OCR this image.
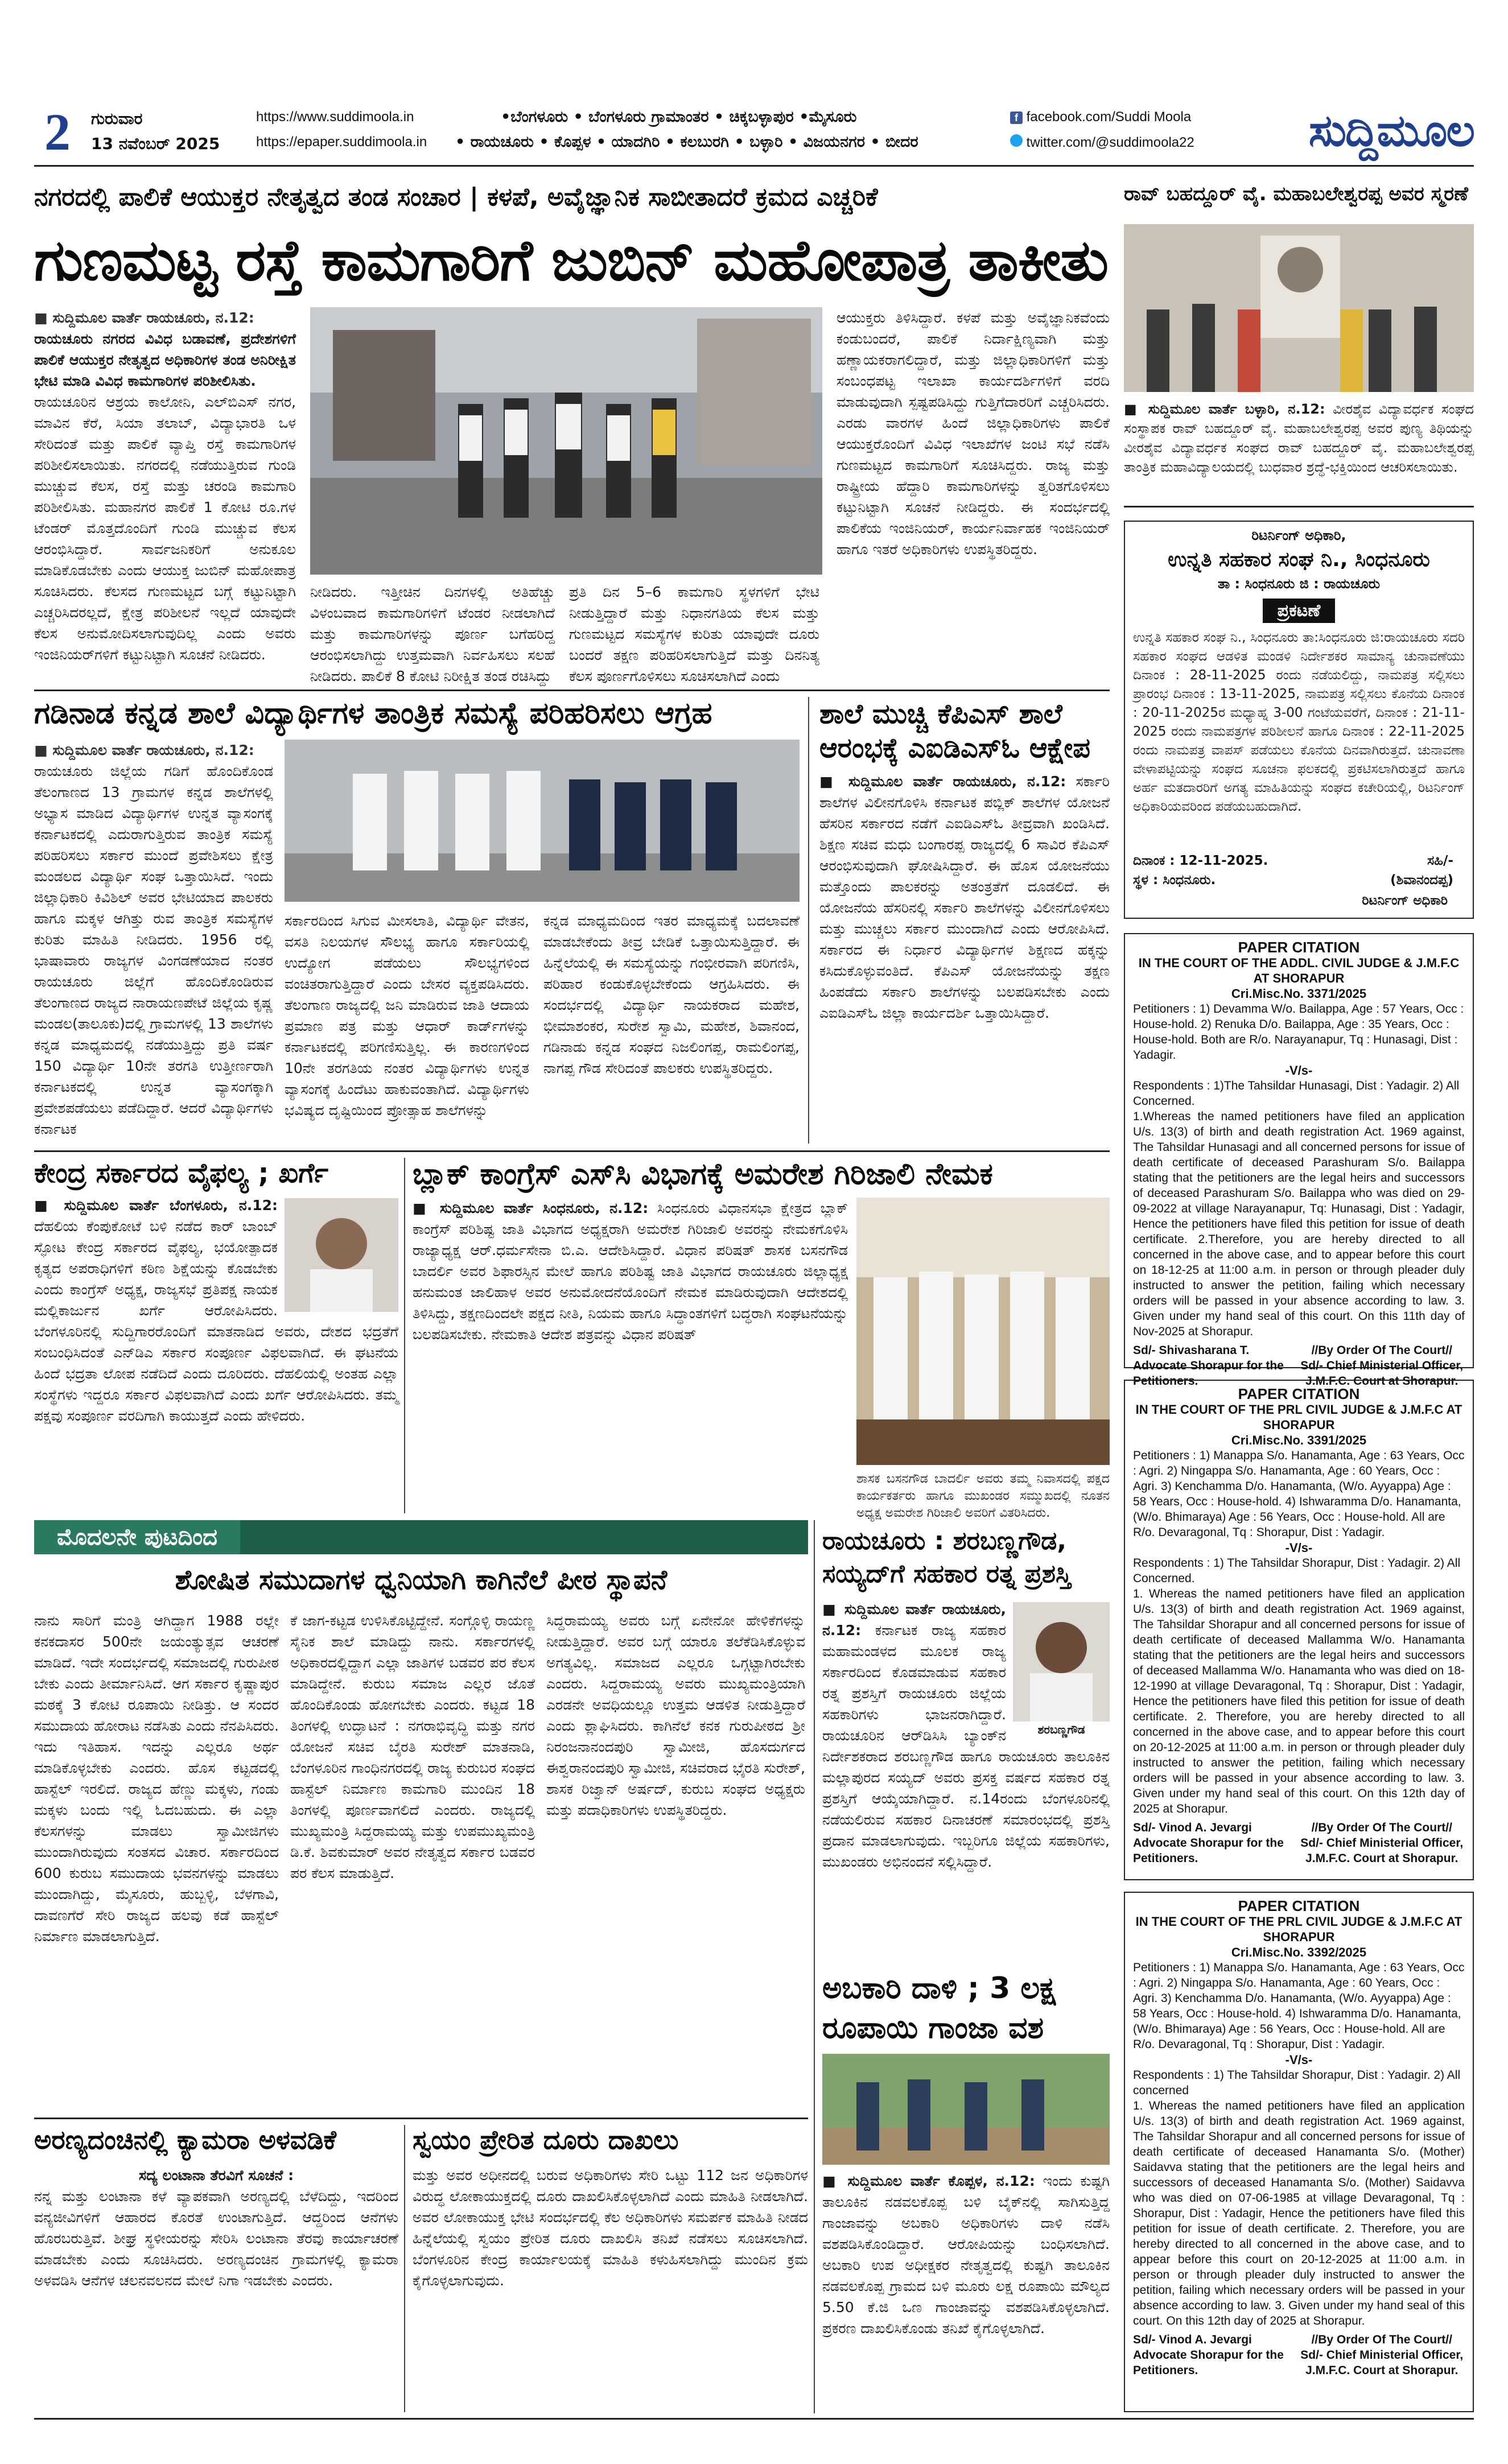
2 ಗುರುವಾರ
13 ನವೆಂಬರ್ 2025
https://www.suddimoola.in
https://epaper.suddimoola.in
•ಬೆಂಗಳೂರು • ಬೆಂಗಳೂರು ಗ್ರಾಮಾಂತರ • ಚಿಕ್ಕಬಳ್ಳಾಪುರ •ಮೈಸೂರು
• ರಾಯಚೂರು • ಕೊಪ್ಪಳ • ಯಾದಗಿರಿ • ಕಲಬುರಗಿ • ಬಳ್ಳಾರಿ • ವಿಜಯನಗರ • ಬೀದರ
f facebook.com/Suddi Moola
twitter.com/@suddimoola22	ಸುದ್ದಿಮೂಲ
ನಗರದಲ್ಲಿ ಪಾಲಿಕೆ ಆಯುಕ್ತರ ನೇತೃತ್ವದ ತಂಡ ಸಂಚಾರ | ಕಳಪೆ, ಅವೈಜ್ಞಾನಿಕ ಸಾಬೀತಾದರೆ ಕ್ರಮದ ಎಚ್ಚರಿಕೆ
ಗುಣಮಟ್ಟ ರಸ್ತೆ ಕಾಮಗಾರಿಗೆ ಜುಬಿನ್ ಮಹೋಪಾತ್ರ ತಾಕೀತು
■ ಸುದ್ದಿಮೂಲ ವಾರ್ತೆ ರಾಯಚೂರು, ನ.12:
ರಾಯಚೂರು ನಗರದ ವಿವಿಧ ಬಡಾವಣೆ, ಪ್ರದೇಶಗಳಿಗೆ ಪಾಲಿಕೆ ಆಯುಕ್ತರ ನೇತೃತ್ವದ ಅಧಿಕಾರಿಗಳ ತಂಡ ಅನಿರೀಕ್ಷಿತ ಭೇಟಿ ಮಾಡಿ ವಿವಿಧ ಕಾಮಗಾರಿಗಳ ಪರಿಶೀಲಿಸಿತು.
ರಾಯಚೂರಿನ ಆಶ್ರಯ ಕಾಲೋನಿ, ಎಲ್‌ಬಿಎಸ್ ನಗರ, ಮಾವಿನ ಕೆರೆ, ಸಿಯಾ ತಲಾಬ್, ವಿದ್ಯಾಭಾರತಿ ಒಳ ಸೇರಿದಂತೆ ಮತ್ತು ಪಾಲಿಕೆ ವ್ಯಾಪ್ತಿ ರಸ್ತೆ ಕಾಮಗಾರಿಗಳ ಪರಿಶೀಲಿಸಲಾಯಿತು. ನಗರದಲ್ಲಿ ನಡೆಯುತ್ತಿರುವ ಗುಂಡಿ ಮುಚ್ಚುವ ಕೆಲಸ, ರಸ್ತೆ ಮತ್ತು ಚರಂಡಿ ಕಾಮಗಾರಿ ಪರಿಶೀಲಿಸಿತು. ಮಹಾನಗರ ಪಾಲಿಕೆ 1 ಕೋಟಿ ರೂ.ಗಳ ಟೆಂಡರ್ ಮೊತ್ತದೊಂದಿಗೆ ಗುಂಡಿ ಮುಚ್ಚುವ ಕೆಲಸ ಆರಂಭಿಸಿದ್ದಾರೆ. ಸಾರ್ವಜನಿಕರಿಗೆ ಅನುಕೂಲ ಮಾಡಿಕೊಡಬೇಕು ಎಂದು ಆಯುಕ್ತ ಜುಬಿನ್ ಮಹೋಪಾತ್ರ ಸೂಚಿಸಿದರು. ಕೆಲಸದ ಗುಣಮಟ್ಟದ ಬಗ್ಗೆ ಕಟ್ಟುನಿಟ್ಟಾಗಿ ಎಚ್ಚರಿಸಿದರಲ್ಲದೆ, ಕ್ಷೇತ್ರ ಪರಿಶೀಲನೆ ಇಲ್ಲದೆ ಯಾವುದೇ ಕೆಲಸ ಅನುಮೋದಿಸಲಾಗುವುದಿಲ್ಲ ಎಂದು ಅವರು ಇಂಜಿನಿಯರ್‌ಗಳಿಗೆ ಕಟ್ಟುನಿಟ್ಟಾಗಿ ಸೂಚನೆ ನೀಡಿದರು.
ನೀಡಿದರು. ಇತ್ತೀಚಿನ ದಿನಗಳಲ್ಲಿ ಅತಿಹೆಚ್ಚು ವಿಳಂಬವಾದ ಕಾಮಗಾರಿಗಳಿಗೆ ಟೆಂಡರ ನೀಡಲಾಗಿದೆ ಮತ್ತು ಕಾಮಗಾರಿಗಳನ್ನು ಪೂರ್ಣ ಬಗೆಹರಿದ್ದ ಆರಂಭಿಸಲಾಗಿದ್ದು ಉತ್ತಮವಾಗಿ ನಿರ್ವಹಿಸಲು ಸಲಹೆ ನೀಡಿದರು. ಪಾಲಿಕೆ 8 ಕೋಟಿ ನಿರೀಕ್ಷಿತ ತಂಡ ರಚಿಸಿದ್ದು
ಪ್ರತಿ ದಿನ 5–6 ಕಾಮಗಾರಿ ಸ್ಥಳಗಳಿಗೆ ಭೇಟಿ ನೀಡುತ್ತಿದ್ದಾರೆ ಮತ್ತು ನಿಧಾನಗತಿಯ ಕೆಲಸ ಮತ್ತು ಗುಣಮಟ್ಟದ ಸಮಸ್ಯೆಗಳ ಕುರಿತು ಯಾವುದೇ ದೂರು ಬಂದರೆ ತಕ್ಷಣ ಪರಿಹರಿಸಲಾಗುತ್ತಿದೆ ಮತ್ತು ದಿನನಿತ್ಯ ಕೆಲಸ ಪೂರ್ಣಗೊಳಿಸಲು ಸೂಚಿಸಲಾಗಿದೆ ಎಂದು
ಆಯುಕ್ತರು ತಿಳಿಸಿದ್ದಾರೆ. ಕಳಪೆ ಮತ್ತು ಅವೈಜ್ಞಾನಿಕವೆಂದು ಕಂಡುಬಂದರೆ, ಪಾಲಿಕೆ ನಿರ್ದಾಕ್ಷಿಣ್ಯವಾಗಿ ಮತ್ತು ಹಣ್ಣಾಯಕರಾಗಲಿದ್ದಾರೆ, ಮತ್ತು ಜಿಲ್ಲಾಧಿಕಾರಿಗಳಿಗೆ ಮತ್ತು ಸಂಬಂಧಪಟ್ಟ ಇಲಾಖಾ ಕಾರ್ಯದರ್ಶಿಗಳಿಗೆ ವರದಿ ಮಾಡುವುದಾಗಿ ಸ್ಪಷ್ಟಪಡಿಸಿದ್ದು ಗುತ್ತಿಗೆದಾರರಿಗೆ ಎಚ್ಚರಿಸಿದರು. ಎರಡು ವಾರಗಳ ಹಿಂದೆ ಜಿಲ್ಲಾಧಿಕಾರಿಗಳು ಪಾಲಿಕೆ ಆಯುಕ್ತರೊಂದಿಗೆ ವಿವಿಧ ಇಲಾಖೆಗಳ ಜಂಟಿ ಸಭೆ ನಡೆಸಿ ಗುಣಮಟ್ಟದ ಕಾಮಗಾರಿಗೆ ಸೂಚಿಸಿದ್ದರು. ರಾಜ್ಯ ಮತ್ತು ರಾಷ್ಟ್ರೀಯ ಹೆದ್ದಾರಿ ಕಾಮಗಾರಿಗಳನ್ನು ತ್ವರಿತಗೊಳಿಸಲು ಕಟ್ಟುನಿಟ್ಟಾಗಿ ಸೂಚನೆ ನೀಡಿದ್ದರು. ಈ ಸಂದರ್ಭದಲ್ಲಿ ಪಾಲಿಕೆಯ ಇಂಜಿನಿಯರ್, ಕಾರ್ಯನಿರ್ವಾಹಕ ಇಂಜಿನಿಯರ್ ಹಾಗೂ ಇತರೆ ಅಧಿಕಾರಿಗಳು ಉಪಸ್ಥಿತರಿದ್ದರು.
ರಾವ್ ಬಹದ್ದೂರ್ ವೈ. ಮಹಾಬಲೇಶ್ವರಪ್ಪ ಅವರ ಸ್ಮರಣೆ
■ ಸುದ್ದಿಮೂಲ ವಾರ್ತೆ ಬಳ್ಳಾರಿ, ನ.12: ವೀರಶೈವ ವಿದ್ಯಾವರ್ಧಕ ಸಂಘದ ಸಂಸ್ಥಾಪಕ ರಾವ್ ಬಹದ್ದೂರ್ ವೈ. ಮಹಾಬಲೇಶ್ವರಪ್ಪ ಅವರ ಪುಣ್ಯ ತಿಥಿಯನ್ನು ವೀರಶೈವ ವಿದ್ಯಾವರ್ಧಕ ಸಂಘದ ರಾವ್ ಬಹದ್ದೂರ್ ವೈ. ಮಹಾಬಲೇಶ್ವರಪ್ಪ ತಾಂತ್ರಿಕ ಮಹಾವಿದ್ಯಾಲಯದಲ್ಲಿ ಬುಧವಾರ ಶ್ರದ್ಧೆ-ಭಕ್ತಿಯಿಂದ ಆಚರಿಸಲಾಯಿತು.
ರಿಟರ್ನಿಂಗ್ ಅಧಿಕಾರಿ,
ಉನ್ನತಿ ಸಹಕಾರ ಸಂಘ ನಿ., ಸಿಂಧನೂರು
ತಾ : ಸಿಂಧನೂರು ಜಿ : ರಾಯಚೂರು
ಪ್ರಕಟಣೆ
ಉನ್ನತಿ ಸಹಕಾರ ಸಂಘ ನಿ., ಸಿಂಧನೂರು ತಾ:ಸಿಂಧನೂರು ಜಿ:ರಾಯಚೂರು ಸದರಿ ಸಹಕಾರ ಸಂಘದ ಆಡಳಿತ ಮಂಡಳಿ ನಿರ್ದೇಶಕರ ಸಾಮಾನ್ಯ ಚುನಾವಣೆಯು ದಿನಾಂಕ : 28-11-2025 ರಂದು ನಡೆಯಲಿದ್ದು, ನಾಮಪತ್ರ ಸಲ್ಲಿಸಲು ಪ್ರಾರಂಭ ದಿನಾಂಕ : 13-11-2025, ನಾಮಪತ್ರ ಸಲ್ಲಿಸಲು ಕೊನೆಯ ದಿನಾಂಕ : 20-11-2025ರ ಮಧ್ಯಾಹ್ನ 3-00 ಗಂಟೆಯವರೆಗೆ, ದಿನಾಂಕ : 21-11-2025 ರಂದು ನಾಮಪತ್ರಗಳ ಪರಿಶೀಲನೆ ಹಾಗೂ ದಿನಾಂಕ : 22-11-2025 ರಂದು ನಾಮಪತ್ರ ವಾಪಸ್ ಪಡೆಯಲು ಕೊನೆಯ ದಿನವಾಗಿರುತ್ತದೆ. ಚುನಾವಣಾ ವೇಳಾಪಟ್ಟಿಯನ್ನು ಸಂಘದ ಸೂಚನಾ ಫಲಕದಲ್ಲಿ ಪ್ರಕಟಿಸಲಾಗಿರುತ್ತದೆ ಹಾಗೂ ಅರ್ಹ ಮತದಾರರಿಗೆ ಅಗತ್ಯ ಮಾಹಿತಿಯನ್ನು ಸಂಘದ ಕಚೇರಿಯಲ್ಲಿ, ರಿಟರ್ನಿಂಗ್ ಅಧಿಕಾರಿಯವರಿಂದ ಪಡೆಯಬಹುದಾಗಿದೆ.
ದಿನಾಂಕ : 12-11-2025.	ಸಹಿ/-
ಸ್ಥಳ : ಸಿಂಧನೂರು.	(ಶಿವಾನಂದಪ್ಪ)
ರಿಟರ್ನಿಂಗ್ ಅಧಿಕಾರಿ
PAPER CITATION
IN THE COURT OF THE ADDL. CIVIL JUDGE & J.M.F.C AT SHORAPUR
Cri.Misc.No. 3371/2025
Petitioners : 1) Devamma W/o. Bailappa, Age : 57 Years, Occ : House-hold. 2) Renuka D/o. Bailappa, Age : 35 Years, Occ : House-hold. Both are R/o. Narayanapur, Tq : Hunasagi, Dist : Yadagir.
-V/s-
Respondents : 1)The Tahsildar Hunasagi, Dist : Yadagir. 2) All Concerned.
1.Whereas the named petitioners have filed an application U/s. 13(3) of birth and death registration Act. 1969 against, The Tahsildar Hunasagi and all concerned persons for issue of death certificate of deceased Parashuram S/o. Bailappa stating that the petitioners are the legal heirs and successors of deceased Parashuram S/o. Bailappa who was died on 29-09-2022 at village Narayanapur, Tq: Hunasagi, Dist : Yadagir, Hence the petitioners have filed this petition for issue of death certificate. 2.Therefore, you are hereby directed to all concerned in the above case, and to appear before this court on 18-12-25 at 11:00 a.m. in person or through pleader duly instructed to answer the petition, failing which necessary orders will be passed in your absence according to law. 3. Given under my hand seal of this court. On this 11th day of Nov-2025 at Shorapur.
Sd/- Shivasharana T. Advocate Shorapur for the Petitioners.
//By Order Of The Court// Sd/- Chief Ministerial Officer, J.M.F.C. Court at Shorapur.
PAPER CITATION
IN THE COURT OF THE PRL CIVIL JUDGE & J.M.F.C AT SHORAPUR
Cri.Misc.No. 3391/2025
Petitioners : 1) Manappa S/o. Hanamanta, Age : 63 Years, Occ : Agri. 2) Ningappa S/o. Hanamanta, Age : 60 Years, Occ : Agri. 3) Kenchamma D/o. Hanamanta, (W/o. Ayyappa) Age : 58 Years, Occ : House-hold. 4) Ishwaramma D/o. Hanamanta, (W/o. Bhimaraya) Age : 56 Years, Occ : House-hold. All are R/o. Devaragonal, Tq : Shorapur, Dist : Yadagir.
-V/s-
Respondents : 1) The Tahsildar Shorapur, Dist : Yadagir. 2) All Concerned.
1. Whereas the named petitioners have filed an application U/s. 13(3) of birth and death registration Act. 1969 against, The Tahsildar Shorapur and all concerned persons for issue of death certificate of deceased Mallamma W/o. Hanamanta stating that the petitioners are the legal heirs and successors of deceased Mallamma W/o. Hanamanta who was died on 18-12-1990 at village Devaragonal, Tq : Shorapur, Dist : Yadagir, Hence the petitioners have filed this petition for issue of death certificate. 2. Therefore, you are hereby directed to all concerned in the above case, and to appear before this court on 20-12-2025 at 11:00 a.m. in person or through pleader duly instructed to answer the petition, failing which necessary orders will be passed in your absence according to law. 3. Given under my hand seal of this court. On this 12th day of 2025 at Shorapur.
Sd/- Vinod A. Jevargi Advocate Shorapur for the Petitioners.
//By Order Of The Court// Sd/- Chief Ministerial Officer, J.M.F.C. Court at Shorapur.
PAPER CITATION
IN THE COURT OF THE PRL CIVIL JUDGE & J.M.F.C AT SHORAPUR
Cri.Misc.No. 3392/2025
Petitioners : 1) Manappa S/o. Hanamanta, Age : 63 Years, Occ : Agri. 2) Ningappa S/o. Hanamanta, Age : 60 Years, Occ : Agri. 3) Kenchamma D/o. Hanamanta, (W/o. Ayyappa) Age : 58 Years, Occ : House-hold. 4) Ishwaramma D/o. Hanamanta, (W/o. Bhimaraya) Age : 56 Years, Occ : House-hold. All are R/o. Devaragonal, Tq : Shorapur, Dist : Yadagir.
-V/s-
Respondents : 1) The Tahsildar Shorapur, Dist : Yadagir. 2) All concerned
1. Whereas the named petitioners have filed an application U/s. 13(3) of birth and death registration Act. 1969 against, The Tahsildar Shorapur and all concerned persons for issue of death certificate of deceased Hanamanta S/o. (Mother) Saidavva stating that the petitioners are the legal heirs and successors of deceased Hanamanta S/o. (Mother) Saidavva who was died on 07-06-1985 at village Devaragonal, Tq : Shorapur, Dist : Yadagir, Hence the petitioners have filed this petition for issue of death certificate. 2. Therefore, you are hereby directed to all concerned in the above case, and to appear before this court on 20-12-2025 at 11:00 a.m. in person or through pleader duly instructed to answer the petition, failing which necessary orders will be passed in your absence according to law. 3. Given under my hand seal of this court. On this 12th day of 2025 at Shorapur.
Sd/- Vinod A. Jevargi Advocate Shorapur for the Petitioners.
//By Order Of The Court// Sd/- Chief Ministerial Officer, J.M.F.C. Court at Shorapur.
ಗಡಿನಾಡ ಕನ್ನಡ ಶಾಲೆ ವಿದ್ಯಾರ್ಥಿಗಳ ತಾಂತ್ರಿಕ ಸಮಸ್ಯೆ ಪರಿಹರಿಸಲು ಆಗ್ರಹ
■ ಸುದ್ದಿಮೂಲ ವಾರ್ತೆ ರಾಯಚೂರು, ನ.12:
ರಾಯಚೂರು ಜಿಲ್ಲೆಯ ಗಡಿಗೆ ಹೊಂದಿಕೊಂಡ ತೆಲಂಗಾಣದ 13 ಗ್ರಾಮಗಳ ಕನ್ನಡ ಶಾಲೆಗಳಲ್ಲಿ ಅಭ್ಯಾಸ ಮಾಡಿದ ವಿದ್ಯಾರ್ಥಿಗಳ ಉನ್ನತ ವ್ಯಾಸಂಗಕ್ಕೆ ಕರ್ನಾಟಕದಲ್ಲಿ ಎದುರಾಗುತ್ತಿರುವ ತಾಂತ್ರಿಕ ಸಮಸ್ಯೆ ಪರಿಹರಿಸಲು ಸರ್ಕಾರ ಮುಂದೆ ಪ್ರವೇಶಿಸಲು ಕ್ಷೇತ್ರ ಮಂಡಲದ ವಿದ್ಯಾರ್ಥಿ ಸಂಘ ಒತ್ತಾಯಿಸಿದೆ. ಇಂದು ಜಿಲ್ಲಾಧಿಕಾರಿ ಕಿವಿಶಿಲ್ ಅವರ ಭೇಟಿಯಾದ ಪಾಲಕರು ಹಾಗೂ ಮಕ್ಕಳ ಆಗಿತ್ತು ರುವ ತಾಂತ್ರಿಕ ಸಮಸ್ಯೆಗಳ ಕುರಿತು ಮಾಹಿತಿ ನೀಡಿದರು. 1956 ರಲ್ಲಿ ಭಾಷಾವಾರು ರಾಜ್ಯಗಳ ವಿಂಗಡಣೆಯಾದ ನಂತರ ರಾಯಚೂರು ಜಿಲ್ಲೆಗೆ ಹೊಂದಿಕೊಂಡಿರುವ ತೆಲಂಗಾಣದ ರಾಜ್ಯದ ನಾರಾಯಣಪೇಟೆ ಜಿಲ್ಲೆಯ ಕೃಷ್ಣ ಮಂಡಲ(ತಾಲೂಕು)ದಲ್ಲಿ ಗ್ರಾಮಗಳಲ್ಲಿ 13 ಶಾಲೆಗಳು ಕನ್ನಡ ಮಾಧ್ಯಮದಲ್ಲಿ ನಡೆಯುತ್ತಿದ್ದು ಪ್ರತಿ ವರ್ಷ 150 ವಿದ್ಯಾರ್ಥಿ 10ನೇ ತರಗತಿ ಉತ್ತೀರ್ಣರಾಗಿ ಕರ್ನಾಟಕದಲ್ಲಿ ಉನ್ನತ ವ್ಯಾಸಂಗಕ್ಕಾಗಿ ಪ್ರವೇಶಪಡೆಯಲು ಪಡೆದಿದ್ದಾರೆ. ಆದರೆ ವಿದ್ಯಾರ್ಥಿಗಳು ಕರ್ನಾಟಕ
ಸರ್ಕಾರದಿಂದ ಸಿಗುವ ಮೀಸಲಾತಿ, ವಿದ್ಯಾರ್ಥಿ ವೇತನ, ವಸತಿ ನಿಲಯಗಳ ಸೌಲಭ್ಯ ಹಾಗೂ ಸರ್ಕಾರಿಯಲ್ಲಿ ಉದ್ಯೋಗ ಪಡೆಯಲು ಸೌಲಭ್ಯಗಳಿಂದ ವಂಚಿತರಾಗುತ್ತಿದ್ದಾರೆ ಎಂದು ಬೇಸರ ವ್ಯಕ್ತಪಡಿಸಿದರು. ತೆಲಂಗಾಣ ರಾಜ್ಯದಲ್ಲಿ ಜನಿ ಮಾಡಿರುವ ಜಾತಿ ಆದಾಯ ಪ್ರಮಾಣ ಪತ್ರ ಮತ್ತು ಆಧಾರ್ ಕಾರ್ಡ್‌ಗಳನ್ನು ಕರ್ನಾಟಕದಲ್ಲಿ ಪರಿಗಣಿಸುತ್ತಿಲ್ಲ. ಈ ಕಾರಣಗಳಿಂದ 10ನೇ ತರಗತಿಯ ನಂತರ ವಿದ್ಯಾರ್ಥಿಗಳು ಉನ್ನತ ವ್ಯಾಸಂಗಕ್ಕೆ ಹಿಂದೆಟು ಹಾಕುವಂತಾಗಿದೆ. ವಿದ್ಯಾರ್ಥಿಗಳು ಭವಿಷ್ಯದ ದೃಷ್ಟಿಯಿಂದ ಪ್ರೋತ್ಸಾಹ ಶಾಲೆಗಳನ್ನು
ಕನ್ನಡ ಮಾಧ್ಯಮದಿಂದ ಇತರ ಮಾಧ್ಯಮಕ್ಕೆ ಬದಲಾವಣೆ ಮಾಡಬೇಕೆಂದು ತೀವ್ರ ಬೇಡಿಕೆ ಒತ್ತಾಯಿಸುತ್ತಿದ್ದಾರೆ. ಈ ಹಿನ್ನೆಲೆಯಲ್ಲಿ ಈ ಸಮಸ್ಯೆಯನ್ನು ಗಂಭೀರವಾಗಿ ಪರಿಗಣಿಸಿ, ಪರಿಹಾರ ಕಂಡುಕೊಳ್ಳಬೇಕೆಂದು ಆಗ್ರಹಿಸಿದರು. ಈ ಸಂದರ್ಭದಲ್ಲಿ ವಿದ್ಯಾರ್ಥಿ ನಾಯಕರಾದ ಮಹೇಶ, ಭೀಮಾಶಂಕರ, ಸುರೇಶ ಸ್ವಾಮಿ, ಮಹೇಶ, ಶಿವಾನಂದ, ಗಡಿನಾಡು ಕನ್ನಡ ಸಂಘದ ನಿಜಲಿಂಗಪ್ಪ, ರಾಮಲಿಂಗಪ್ಪ, ನಾಗಪ್ಪ ಗೌಡ ಸೇರಿದಂತೆ ಪಾಲಕರು ಉಪಸ್ಥಿತರಿದ್ದರು.
ಶಾಲೆ ಮುಚ್ಚಿ ಕೆಪಿಎಸ್ ಶಾಲೆ ಆರಂಭಕ್ಕೆ ಎಐಡಿಎಸ್‌ಓ ಆಕ್ಷೇಪ
■ ಸುದ್ದಿಮೂಲ ವಾರ್ತೆ ರಾಯಚೂರು, ನ.12: ಸರ್ಕಾರಿ ಶಾಲೆಗಳ ವಿಲೀನಗೊಳಿಸಿ ಕರ್ನಾಟಕ ಪಬ್ಲಿಕ್ ಶಾಲೆಗಳ ಯೋಜನೆ ಹೆಸರಿನ ಸರ್ಕಾರದ ನಡೆಗೆ ಎಐಡಿಎಸ್‌ಓ ತೀವ್ರವಾಗಿ ಖಂಡಿಸಿದೆ. ಶಿಕ್ಷಣ ಸಚಿವ ಮಧು ಬಂಗಾರಪ್ಪ ರಾಜ್ಯದಲ್ಲಿ 6 ಸಾವಿರ ಕೆಪಿಎಸ್ ಆರಂಭಿಸುವುದಾಗಿ ಘೋಷಿಸಿದ್ದಾರೆ. ಈ ಹೊಸ ಯೋಜನೆಯು ಮತ್ತೊಂದು ಪಾಲಕರನ್ನು ಅತಂತ್ರತೆಗೆ ದೂಡಲಿದೆ. ಈ ಯೋಜನೆಯ ಹೆಸರಿನಲ್ಲಿ ಸರ್ಕಾರಿ ಶಾಲೆಗಳನ್ನು ವಿಲೀನಗೊಳಿಸಲು ಮತ್ತು ಮುಚ್ಚಲು ಸರ್ಕಾರ ಮುಂದಾಗಿದೆ ಎಂದು ಆರೋಪಿಸಿದೆ. ಸರ್ಕಾರದ ಈ ನಿರ್ಧಾರ ವಿದ್ಯಾರ್ಥಿಗಳ ಶಿಕ್ಷಣದ ಹಕ್ಕನ್ನು ಕಸಿದುಕೊಳ್ಳುವಂತಿದೆ. ಕೆಪಿಎಸ್ ಯೋಜನೆಯನ್ನು ತಕ್ಷಣ ಹಿಂಪಡೆದು ಸರ್ಕಾರಿ ಶಾಲೆಗಳನ್ನು ಬಲಪಡಿಸಬೇಕು ಎಂದು ಎಐಡಿಎಸ್‌ಓ ಜಿಲ್ಲಾ ಕಾರ್ಯದರ್ಶಿ ಒತ್ತಾಯಿಸಿದ್ದಾರೆ.
ಕೇಂದ್ರ ಸರ್ಕಾರದ ವೈಫಲ್ಯ ; ಖರ್ಗೆ
■ ಸುದ್ದಿಮೂಲ ವಾರ್ತೆ ಬೆಂಗಳೂರು, ನ.12: ದೆಹಲಿಯ ಕೆಂಪುಕೋಟೆ ಬಳಿ ನಡೆದ ಕಾರ್ ಬಾಂಬ್ ಸ್ಫೋಟ ಕೇಂದ್ರ ಸರ್ಕಾರದ ವೈಫಲ್ಯ, ಭಯೋತ್ಪಾದಕ ಕೃತ್ಯದ ಅಪರಾಧಿಗಳಿಗೆ ಕಠಿಣ ಶಿಕ್ಷೆಯನ್ನು ಕೊಡಬೇಕು ಎಂದು ಕಾಂಗ್ರೆಸ್ ಅಧ್ಯಕ್ಷ, ರಾಜ್ಯಸಭೆ ಪ್ರತಿಪಕ್ಷ ನಾಯಕ ಮಲ್ಲಿಕಾರ್ಜುನ ಖರ್ಗೆ ಆರೋಪಿಸಿದರು. ಬೆಂಗಳೂರಿನಲ್ಲಿ ಸುದ್ದಿಗಾರರೊಂದಿಗೆ ಮಾತನಾಡಿದ ಅವರು, ದೇಶದ ಭದ್ರತೆಗೆ ಸಂಬಂಧಿಸಿದಂತೆ ಎನ್‌ಡಿಎ ಸರ್ಕಾರ ಸಂಪೂರ್ಣ ವಿಫಲವಾಗಿದೆ. ಈ ಘಟನೆಯ ಹಿಂದೆ ಭದ್ರತಾ ಲೋಪ ನಡೆದಿದೆ ಎಂದು ದೂರಿದರು. ದೆಹಲಿಯಲ್ಲಿ ಅಂತಹ ಎಲ್ಲಾ ಸಂಸ್ಥೆಗಳು ಇದ್ದರೂ ಸರ್ಕಾರ ವಿಫಲವಾಗಿದೆ ಎಂದು ಖರ್ಗೆ ಆರೋಪಿಸಿದರು. ತಮ್ಮ ಪಕ್ಷವು ಸಂಪೂರ್ಣ ವರದಿಗಾಗಿ ಕಾಯುತ್ತದೆ ಎಂದು ಹೇಳಿದರು.
ಬ್ಲಾಕ್ ಕಾಂಗ್ರೆಸ್ ಎಸ್‌ಸಿ ವಿಭಾಗಕ್ಕೆ ಅಮರೇಶ ಗಿರಿಜಾಲಿ ನೇಮಕ
■ ಸುದ್ದಿಮೂಲ ವಾರ್ತೆ ಸಿಂಧನೂರು, ನ.12: ಸಿಂಧನೂರು ವಿಧಾನಸಭಾ ಕ್ಷೇತ್ರದ ಬ್ಲಾಕ್ ಕಾಂಗ್ರೆಸ್ ಪರಿಶಿಷ್ಟ ಜಾತಿ ವಿಭಾಗದ ಅಧ್ಯಕ್ಷರಾಗಿ ಅಮರೇಶ ಗಿರಿಜಾಲಿ ಅವರನ್ನು ನೇಮಕಗೊಳಿಸಿ ರಾಜ್ಯಾಧ್ಯಕ್ಷ ಆರ್.ಧರ್ಮಸೇನಾ ಬಿ.ಎ. ಆದೇಶಿಸಿದ್ದಾರೆ. ವಿಧಾನ ಪರಿಷತ್ ಶಾಸಕ ಬಸನಗೌಡ ಬಾದರ್ಲಿ ಅವರ ಶಿಫಾರಸ್ಸಿನ ಮೇಲೆ ಹಾಗೂ ಪರಿಶಿಷ್ಟ ಜಾತಿ ವಿಭಾಗದ ರಾಯಚೂರು ಜಿಲ್ಲಾಧ್ಯಕ್ಷ ಹನುಮಂತ ಜಾಲಿಹಾಳ ಅವರ ಅನುಮೋದನೆಯೊಂದಿಗೆ ನೇಮಕ ಮಾಡಿರುವುದಾಗಿ ಆದೇಶದಲ್ಲಿ ತಿಳಿಸಿದ್ದು, ತಕ್ಷಣದಿಂದಲೇ ಪಕ್ಷದ ನೀತಿ, ನಿಯಮ ಹಾಗೂ ಸಿದ್ಧಾಂತಗಳಿಗೆ ಬದ್ಧರಾಗಿ ಸಂಘಟನೆಯನ್ನು ಬಲಪಡಿಸಬೇಕು. ನೇಮಕಾತಿ ಆದೇಶ ಪತ್ರವನ್ನು ವಿಧಾನ ಪರಿಷತ್
ಶಾಸಕ ಬಸನಗೌಡ ಬಾದರ್ಲಿ ಅವರು ತಮ್ಮ ನಿವಾಸದಲ್ಲಿ ಪಕ್ಷದ ಕಾರ್ಯಕರ್ತರು ಹಾಗೂ ಮುಖಂಡರ ಸಮ್ಮುಖದಲ್ಲಿ ನೂತನ ಅಧ್ಯಕ್ಷ ಅಮರೇಶ ಗಿರಿಜಾಲಿ ಅವರಿಗೆ ವಿತರಿಸಿದರು.
ಮೊದಲನೇ ಪುಟದಿಂದ
ಶೋಷಿತ ಸಮುದಾಗಳ ಧ್ವನಿಯಾಗಿ ಕಾಗಿನೆಲೆ ಪೀಠ ಸ್ಥಾಪನೆ
ನಾನು ಸಾರಿಗೆ ಮಂತ್ರಿ ಆಗಿದ್ದಾಗ 1988 ರಲ್ಲೇ ಕನಕದಾಸರ 500ನೇ ಜಯಂತ್ಯುತ್ಸವ ಆಚರಣೆ ಮಾಡಿದೆ. ಇದೇ ಸಂದರ್ಭದಲ್ಲಿ ಸಮಾಜದಲ್ಲಿ ಗುರುಪೀಠ ಬೇಕು ಎಂದು ತೀರ್ಮಾನಿಸಿದೆ. ಆಗ ಸರ್ಕಾರ ಕೃಷ್ಣಾಪುರ ಮಠಕ್ಕೆ 3 ಕೋಟಿ ರೂಪಾಯಿ ನೀಡಿತ್ತು. ಆ ಸಂದರ ಸಮುದಾಯ ಹೋರಾಟ ನಡೆಸಿತು ಎಂದು ನೆನಪಿಸಿದರು. ಇದು ಇತಿಹಾಸ. ಇದನ್ನು ಎಲ್ಲರೂ ಅರ್ಥ ಮಾಡಿಕೊಳ್ಳಬೇಕು ಎಂದರು. ಹೊಸ ಕಟ್ಟಡದಲ್ಲಿ ಹಾಸ್ಟೆಲ್ ಇರಲಿದೆ. ರಾಜ್ಯದ ಹೆಣ್ಣು ಮಕ್ಕಳು, ಗಂಡು ಮಕ್ಕಳು ಬಂದು ಇಲ್ಲಿ ಓದಬಹುದು. ಈ ಎಲ್ಲಾ ಕೆಲಸಗಳನ್ನು ಮಾಡಲು ಸ್ವಾಮೀಜಿಗಳು ಮುಂದಾಗಿರುವುದು ಸಂತಸದ ವಿಚಾರ. ಸರ್ಕಾರದಿಂದ 600 ಕುರುಬ ಸಮುದಾಯ ಭವನಗಳನ್ನು ಮಾಡಲು ಮುಂದಾಗಿದ್ದು, ಮೈಸೂರು, ಹುಬ್ಬಳ್ಳಿ, ಬೆಳಗಾವಿ, ದಾವಣಗೆರೆ ಸೇರಿ ರಾಜ್ಯದ ಹಲವು ಕಡೆ ಹಾಸ್ಟೆಲ್ ನಿರ್ಮಾಣ ಮಾಡಲಾಗುತ್ತಿದೆ.
ಕೆ ಜಾಗ-ಕಟ್ಟಡ ಉಳಿಸಿಕೊಟ್ಟಿದ್ದೇನೆ. ಸಂಗ್ಗೊಳ್ಳಿ ರಾಯಣ್ಣ ಸೈನಿಕ ಶಾಲೆ ಮಾಡಿದ್ದು ನಾನು. ಸರ್ಕಾರಗಳಲ್ಲಿ ಅಧಿಕಾರದಲ್ಲಿದ್ದಾಗ ಎಲ್ಲಾ ಜಾತಿಗಳ ಬಡವರ ಪರ ಕೆಲಸ ಮಾಡಿದ್ದೇನೆ. ಕುರುಬ ಸಮಾಜ ಎಲ್ಲರ ಜೊತೆ ಹೊಂದಿಕೊಂಡು ಹೋಗಬೇಕು ಎಂದರು. ಕಟ್ಟಡ 18 ತಿಂಗಳಲ್ಲಿ ಉದ್ಘಾಟನೆ : ನಗರಾಭಿವೃದ್ಧಿ ಮತ್ತು ನಗರ ಯೋಜನೆ ಸಚಿವ ಬೈರತಿ ಸುರೇಶ್ ಮಾತನಾಡಿ, ಬೆಂಗಳೂರಿನ ಗಾಂಧಿನಗರದಲ್ಲಿ ರಾಜ್ಯ ಕುರುಬರ ಸಂಘದ ಹಾಸ್ಟೆಲ್ ನಿರ್ಮಾಣ ಕಾಮಗಾರಿ ಮುಂದಿನ 18 ತಿಂಗಳಲ್ಲಿ ಪೂರ್ಣವಾಗಲಿದೆ ಎಂದರು. ರಾಜ್ಯದಲ್ಲಿ ಮುಖ್ಯಮಂತ್ರಿ ಸಿದ್ದರಾಮಯ್ಯ ಮತ್ತು ಉಪಮುಖ್ಯಮಂತ್ರಿ ಡಿ.ಕೆ. ಶಿವಕುಮಾರ್ ಅವರ ನೇತೃತ್ವದ ಸರ್ಕಾರ ಬಡವರ ಪರ ಕೆಲಸ ಮಾಡುತ್ತಿದೆ.
ಸಿದ್ದರಾಮಯ್ಯ ಅವರು ಬಗ್ಗೆ ಏನೇನೋ ಹೇಳಿಕೆಗಳನ್ನು ನೀಡುತ್ತಿದ್ದಾರೆ. ಅವರ ಬಗ್ಗೆ ಯಾರೂ ತಲೆಕೆಡಿಸಿಕೊಳ್ಳುವ ಅಗತ್ಯವಿಲ್ಲ. ಸಮಾಜದ ಎಲ್ಲರೂ ಒಗ್ಗಟ್ಟಾಗಿರಬೇಕು ಎಂದರು. ಸಿದ್ದರಾಮಯ್ಯ ಅವರು ಮುಖ್ಯಮಂತ್ರಿಯಾಗಿ ಎರಡನೇ ಅವಧಿಯಲ್ಲೂ ಉತ್ತಮ ಆಡಳಿತ ನೀಡುತ್ತಿದ್ದಾರೆ ಎಂದು ಶ್ಲಾಘಿಸಿದರು. ಕಾಗಿನೆಲೆ ಕನಕ ಗುರುಪೀಠದ ಶ್ರೀ ನಿರಂಜನಾನಂದಪುರಿ ಸ್ವಾಮೀಜಿ, ಹೊಸದುರ್ಗದ ಈಶ್ವರಾನಂದಪುರಿ ಸ್ವಾಮೀಜಿ, ಸಚಿವರಾದ ಭೈರತಿ ಸುರೇಶ್, ಶಾಸಕ ರಿಜ್ವಾನ್ ಅರ್ಷದ್, ಕುರುಬ ಸಂಘದ ಅಧ್ಯಕ್ಷರು ಮತ್ತು ಪದಾಧಿಕಾರಿಗಳು ಉಪಸ್ಥಿತರಿದ್ದರು.
ರಾಯಚೂರು : ಶರಬಣ್ಣಗೌಡ, ಸಯ್ಯದ್‌ಗೆ ಸಹಕಾರ ರತ್ನ ಪ್ರಶಸ್ತಿ
ಶರಬಣ್ಣಗೌಡ
■ ಸುದ್ದಿಮೂಲ ವಾರ್ತೆ ರಾಯಚೂರು, ನ.12: ಕರ್ನಾಟಕ ರಾಜ್ಯ ಸಹಕಾರ ಮಹಾಮಂಡಳದ ಮೂಲಕ ರಾಜ್ಯ ಸರ್ಕಾರದಿಂದ ಕೊಡಮಾಡುವ ಸಹಕಾರ ರತ್ನ ಪ್ರಶಸ್ತಿಗೆ ರಾಯಚೂರು ಜಿಲ್ಲೆಯ ಸಹಕಾರಿಗಳು ಭಾಜನರಾಗಿದ್ದಾರೆ. ರಾಯಚೂರಿನ ಆರ್‌ಡಿಸಿಸಿ ಬ್ಯಾಂಕ್‌ನ ನಿರ್ದೇಶಕರಾದ ಶರಬಣ್ಣಗೌಡ ಹಾಗೂ ರಾಯಚೂರು ತಾಲೂಕಿನ ಮಲ್ಲಾಪುರದ ಸಯ್ಯದ್ ಅವರು ಪ್ರಸಕ್ತ ವರ್ಷದ ಸಹಕಾರ ರತ್ನ ಪ್ರಶಸ್ತಿಗೆ ಆಯ್ಕೆಯಾಗಿದ್ದಾರೆ. ನ.14ರಂದು ಬೆಂಗಳೂರಿನಲ್ಲಿ ನಡೆಯಲಿರುವ ಸಹಕಾರ ದಿನಾಚರಣೆ ಸಮಾರಂಭದಲ್ಲಿ ಪ್ರಶಸ್ತಿ ಪ್ರದಾನ ಮಾಡಲಾಗುವುದು. ಇಬ್ಬರಿಗೂ ಜಿಲ್ಲೆಯ ಸಹಕಾರಿಗಳು, ಮುಖಂಡರು ಅಭಿನಂದನೆ ಸಲ್ಲಿಸಿದ್ದಾರೆ.
ಅಬಕಾರಿ ದಾಳಿ ; 3 ಲಕ್ಷ ರೂಪಾಯಿ ಗಾಂಜಾ ವಶ
■ ಸುದ್ದಿಮೂಲ ವಾರ್ತೆ ಕೊಪ್ಪಳ, ನ.12: ಇಂದು ಕುಷ್ಟಗಿ ತಾಲೂಕಿನ ನಡವಲಕೊಪ್ಪ ಬಳಿ ಬೈಕ್‌ನಲ್ಲಿ ಸಾಗಿಸುತ್ತಿದ್ದ ಗಾಂಜಾವನ್ನು ಅಬಕಾರಿ ಅಧಿಕಾರಿಗಳು ದಾಳಿ ನಡೆಸಿ ವಶಪಡಿಸಿಕೊಂಡಿದ್ದಾರೆ. ಆರೋಪಿಯನ್ನು ಬಂಧಿಸಲಾಗಿದೆ. ಅಬಕಾರಿ ಉಪ ಅಧೀಕ್ಷಕರ ನೇತೃತ್ವದಲ್ಲಿ ಕುಷ್ಟಗಿ ತಾಲೂಕಿನ ನಡವಲಕೊಪ್ಪ ಗ್ರಾಮದ ಬಳಿ ಮೂರು ಲಕ್ಷ ರೂಪಾಯಿ ಮೌಲ್ಯದ 5.50 ಕೆ.ಜಿ ಒಣ ಗಾಂಜಾವನ್ನು ವಶಪಡಿಸಿಕೊಳ್ಳಲಾಗಿದೆ. ಪ್ರಕರಣ ದಾಖಲಿಸಿಕೊಂಡು ತನಿಖೆ ಕೈಗೊಳ್ಳಲಾಗಿದೆ.
ಅರಣ್ಯದಂಚಿನಲ್ಲಿ ಕ್ಯಾಮರಾ ಅಳವಡಿಕೆ
ಸದ್ಯ ಲಂಟಾನಾ ತೆರವಿಗೆ ಸೂಚನೆ :
ನನ್ನ ಮತ್ತು ಲಂಟಾನಾ ಕಳೆ ವ್ಯಾಪಕವಾಗಿ ಅರಣ್ಯದಲ್ಲಿ ಬೆಳೆದಿದ್ದು, ಇದರಿಂದ ವನ್ಯಜೀವಿಗಳಿಗೆ ಆಹಾರದ ಕೊರತೆ ಉಂಟಾಗುತ್ತಿದೆ. ಆದ್ದರಿಂದ ಆನೆಗಳು ಹೊರಬರುತ್ತಿವೆ. ಶೀಘ್ರ ಸ್ಥಳೀಯರನ್ನು ಸೇರಿಸಿ ಲಂಟಾನಾ ತೆರವು ಕಾರ್ಯಾಚರಣೆ ಮಾಡಬೇಕು ಎಂದು ಸೂಚಿಸಿದರು. ಅರಣ್ಯದಂಚಿನ ಗ್ರಾಮಗಳಲ್ಲಿ ಕ್ಯಾಮರಾ ಅಳವಡಿಸಿ ಆನೆಗಳ ಚಲನವಲನದ ಮೇಲೆ ನಿಗಾ ಇಡಬೇಕು ಎಂದರು.
ಸ್ವಯಂ ಪ್ರೇರಿತ ದೂರು ದಾಖಲು
ಮತ್ತು ಅವರ ಅಧೀನದಲ್ಲಿ ಬರುವ ಅಧಿಕಾರಿಗಳು ಸೇರಿ ಒಟ್ಟು 112 ಜನ ಅಧಿಕಾರಿಗಳ ವಿರುದ್ಧ ಲೋಕಾಯುಕ್ತದಲ್ಲಿ ದೂರು ದಾಖಲಿಸಿಕೊಳ್ಳಲಾಗಿದೆ ಎಂದು ಮಾಹಿತಿ ನೀಡಲಾಗಿದೆ. ಅವರ ಲೋಕಾಯುಕ್ತ ಭೇಟಿ ಸಂದರ್ಭದಲ್ಲಿ ಕೆಲ ಅಧಿಕಾರಿಗಳು ಸಮರ್ಪಕ ಮಾಹಿತಿ ನೀಡದ ಹಿನ್ನೆಲೆಯಲ್ಲಿ ಸ್ವಯಂ ಪ್ರೇರಿತ ದೂರು ದಾಖಲಿಸಿ ತನಿಖೆ ನಡೆಸಲು ಸೂಚಿಸಲಾಗಿದೆ. ಬೆಂಗಳೂರಿನ ಕೇಂದ್ರ ಕಾರ್ಯಾಲಯಕ್ಕೆ ಮಾಹಿತಿ ಕಳುಹಿಸಲಾಗಿದ್ದು ಮುಂದಿನ ಕ್ರಮ ಕೈಗೊಳ್ಳಲಾಗುವುದು.
